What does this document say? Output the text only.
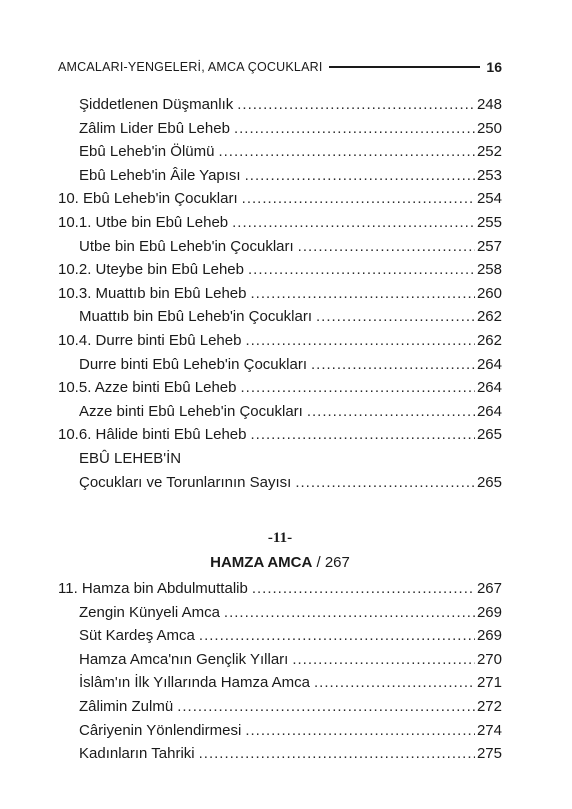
AMCALARI-YENGELERİ, AMCA ÇOCUKLARI	16
Şiddetlenen Düşmanlık .....	248
Zâlim Lider Ebû Leheb .....	250
Ebû Leheb'in Ölümü .....	252
Ebû Leheb'in Âile Yapısı .....	253
10. Ebû Leheb'in Çocukları .....	254
10.1. Utbe bin Ebû Leheb .....	255
Utbe bin Ebû Leheb'in Çocukları .....	257
10.2. Uteybe bin Ebû Leheb .....	258
10.3. Muattıb bin Ebû Leheb .....	260
Muattıb bin Ebû Leheb'in Çocukları .....	262
10.4. Durre binti Ebû Leheb .....	262
Durre binti Ebû Leheb'in Çocukları .....	264
10.5. Azze binti Ebû Leheb .....	264
Azze binti Ebû Leheb'in Çocukları .....	264
10.6. Hâlide binti Ebû Leheb .....	265
EBÛ LEHEB'İN
Çocukları ve Torunlarının Sayısı .....	265
-11-
HAMZA AMCA / 267
11. Hamza bin Abdulmuttalib .....	267
Zengin Künyeli Amca .....	269
Süt Kardeş Amca .....	269
Hamza Amca'nın Gençlik Yılları .....	270
İslâm'ın İlk Yıllarında Hamza Amca .....	271
Zâlimin Zulmü .....	272
Câriyenin Yönlendirmesi .....	274
Kadınların Tahriki .....	275
